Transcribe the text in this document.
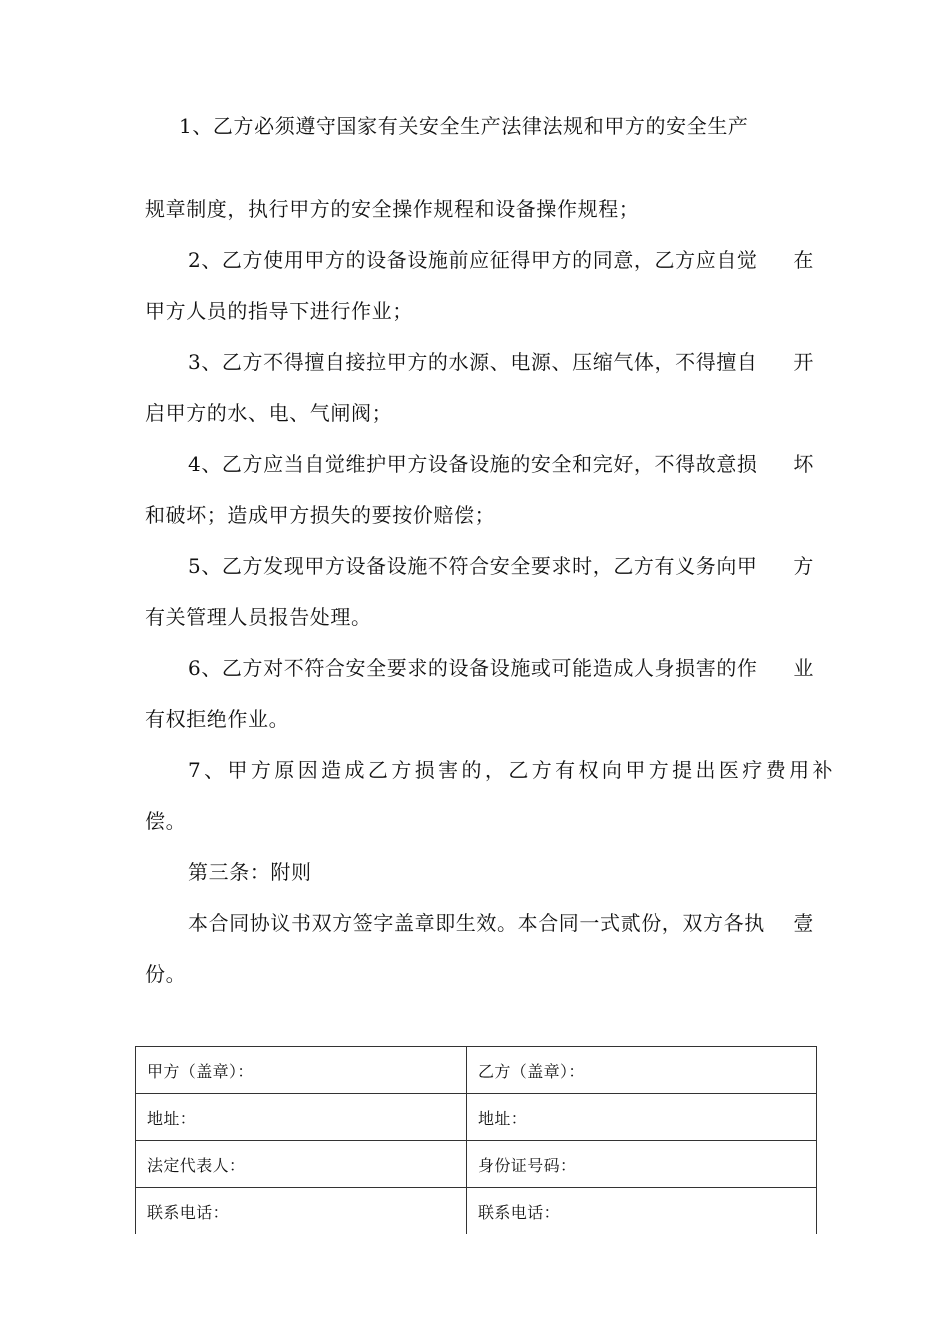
1、乙方必须遵守国家有关安全生产法律法规和甲方的安全生产
规章制度，执行甲方的安全操作规程和设备操作规程；
2、乙方使用甲方的设备设施前应征得甲方的同意，乙方应自觉 在
甲方人员的指导下进行作业；
3、乙方不得擅自接拉甲方的水源、电源、压缩气体，不得擅自 开
启甲方的水、电、气闸阀；
4、乙方应当自觉维护甲方设备设施的安全和完好，不得故意损 坏
和破坏；造成甲方损失的要按价赔偿；
5、乙方发现甲方设备设施不符合安全要求时，乙方有义务向甲 方
有关管理人员报告处理。
6、乙方对不符合安全要求的设备设施或可能造成人身损害的作 业
有权拒绝作业。
7、甲方原因造成乙方损害的，乙方有权向甲方提出医疗费用补
偿。
第三条：附则
本合同协议书双方签字盖章即生效。本合同一式贰份，双方各执 壹
份。
甲方（盖章）：	乙方（盖章）：
地址：	地址：
法定代表人：	身份证号码：
联系电话：	联系电话：
